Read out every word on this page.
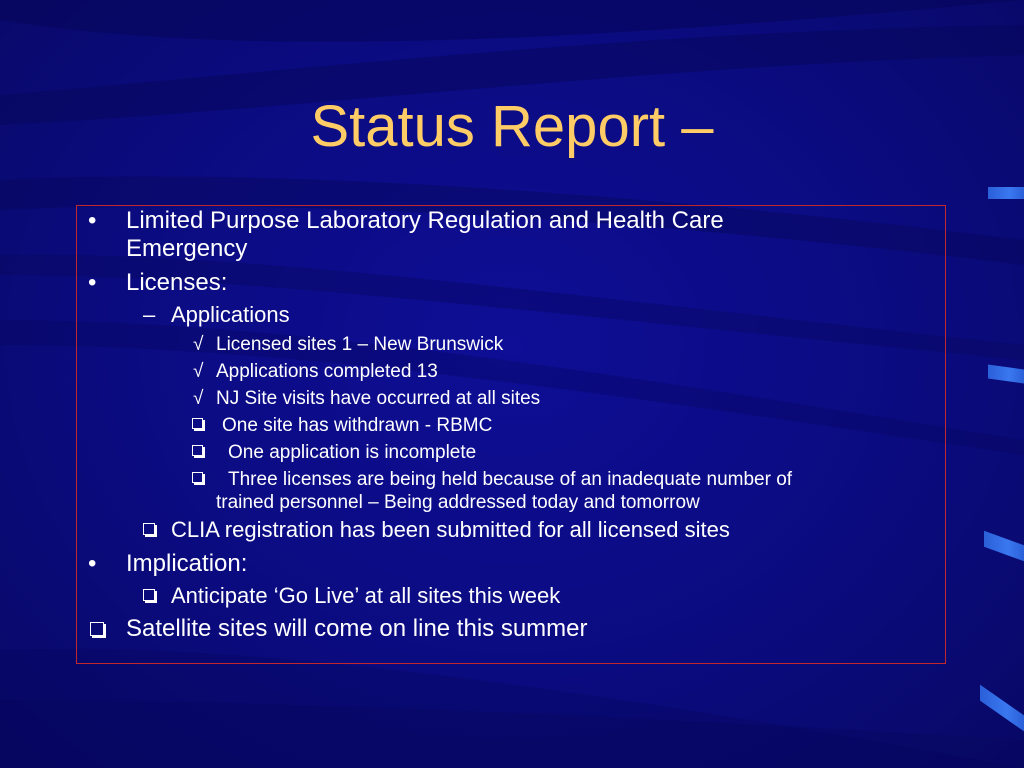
Status Report –
• Limited Purpose Laboratory Regulation and Health Care
Emergency
• Licenses:
– Applications
√ Licensed sites 1 – New Brunswick
√ Applications completed 13
√ NJ Site visits have occurred at all sites
One site has withdrawn - RBMC
One application is incomplete
Three licenses are being held because of an inadequate number of
trained personnel – Being addressed today and tomorrow
CLIA registration has been submitted for all licensed sites
• Implication:
Anticipate ‘Go Live’ at all sites this week
Satellite sites will come on line this summer
